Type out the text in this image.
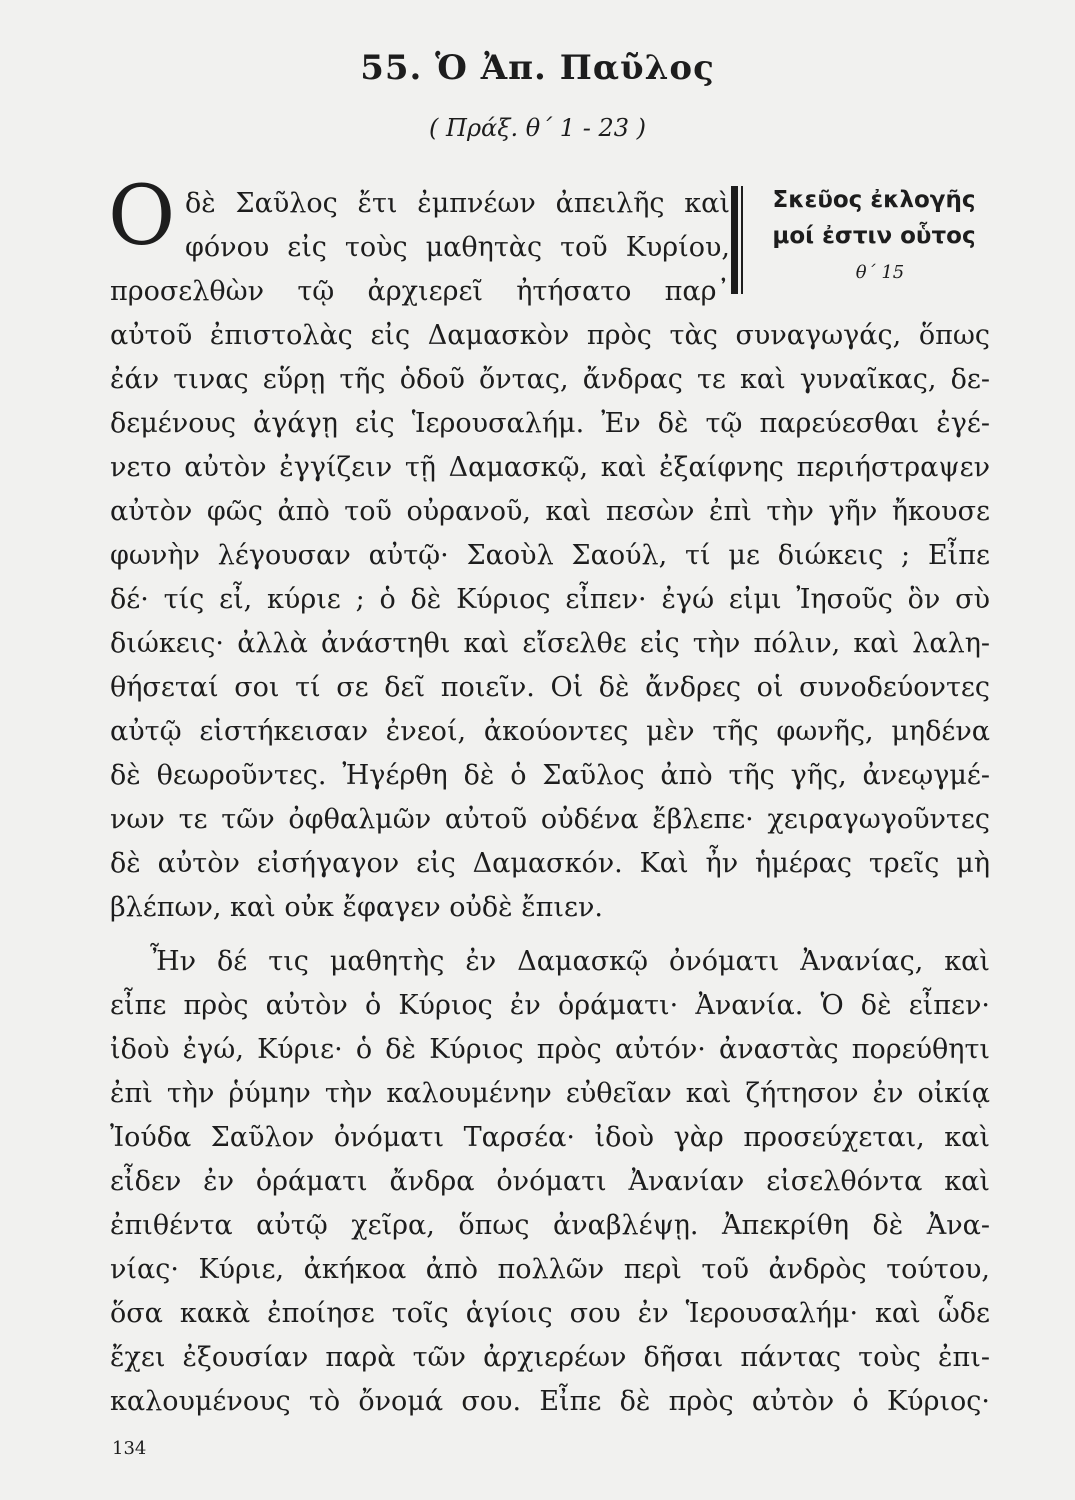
55. Ὁ Ἀπ. Παῦλος
( Πράξ. θ΄ 1 - 23 )
Ο	Σκεῦος ἐκλογῆς
μοί ἐστιν οὗτος
θ΄ 15
δὲ Σαῦλος ἔτι ἐμπνέων ἀπειλῆς καὶ
φόνου εἰς τοὺς μαθητὰς τοῦ Κυρίου,
προσελθὼν τῷ ἀρχιερεῖ ἠτήσατο παρ᾽
αὐτοῦ ἐπιστολὰς εἰς Δαμασκὸν πρὸς τὰς συναγωγάς, ὅπως
ἐάν τινας εὕρῃ τῆς ὁδοῦ ὄντας, ἄνδρας τε καὶ γυναῖκας, δε-
δεμένους ἀγάγῃ εἰς Ἱερουσαλήμ. Ἐν δὲ τῷ παρεύεσθαι ἐγέ-
νετο αὐτὸν ἐγγίζειν τῇ Δαμασκῷ, καὶ ἐξαίφνης περιήστραψεν
αὐτὸν φῶς ἀπὸ τοῦ οὐρανοῦ, καὶ πεσὼν ἐπὶ τὴν γῆν ἤκουσε
φωνὴν λέγουσαν αὐτῷ· Σαοὺλ Σαούλ, τί με διώκεις ; Εἶπε
δέ· τίς εἶ, κύριε ; ὁ δὲ Κύριος εἶπεν· ἐγώ εἰμι Ἰησοῦς ὃν σὺ
διώκεις· ἀλλὰ ἀνάστηθι καὶ εἴσελθε εἰς τὴν πόλιν, καὶ λαλη-
θήσεταί σοι τί σε δεῖ ποιεῖν. Οἱ δὲ ἄνδρες οἱ συνοδεύοντες
αὐτῷ εἱστήκεισαν ἐνεοί, ἀκούοντες μὲν τῆς φωνῆς, μηδένα
δὲ θεωροῦντες. Ἠγέρθη δὲ ὁ Σαῦλος ἀπὸ τῆς γῆς, ἀνεῳγμέ-
νων τε τῶν ὀφθαλμῶν αὐτοῦ οὐδένα ἔβλεπε· χειραγωγοῦντες
δὲ αὐτὸν εἰσήγαγον εἰς Δαμασκόν. Καὶ ἦν ἡμέρας τρεῖς μὴ
βλέπων, καὶ οὐκ ἔφαγεν οὐδὲ ἔπιεν.
Ἦν δέ τις μαθητὴς ἐν Δαμασκῷ ὀνόματι Ἀνανίας, καὶ
εἶπε πρὸς αὐτὸν ὁ Κύριος ἐν ὁράματι· Ἀνανία. Ὁ δὲ εἶπεν·
ἰδοὺ ἐγώ, Κύριε· ὁ δὲ Κύριος πρὸς αὐτόν· ἀναστὰς πορεύθητι
ἐπὶ τὴν ῥύμην τὴν καλουμένην εὐθεῖαν καὶ ζήτησον ἐν οἰκίᾳ
Ἰούδα Σαῦλον ὀνόματι Ταρσέα· ἰδοὺ γὰρ προσεύχεται, καὶ
εἶδεν ἐν ὁράματι ἄνδρα ὀνόματι Ἀνανίαν εἰσελθόντα καὶ
ἐπιθέντα αὐτῷ χεῖρα, ὅπως ἀναβλέψῃ. Ἀπεκρίθη δὲ Ἀνα-
νίας· Κύριε, ἀκήκοα ἀπὸ πολλῶν περὶ τοῦ ἀνδρὸς τούτου,
ὅσα κακὰ ἐποίησε τοῖς ἁγίοις σου ἐν Ἱερουσαλήμ· καὶ ὧδε
ἔχει ἐξουσίαν παρὰ τῶν ἀρχιερέων δῆσαι πάντας τοὺς ἐπι-
καλουμένους τὸ ὄνομά σου. Εἶπε δὲ πρὸς αὐτὸν ὁ Κύριος·
134
